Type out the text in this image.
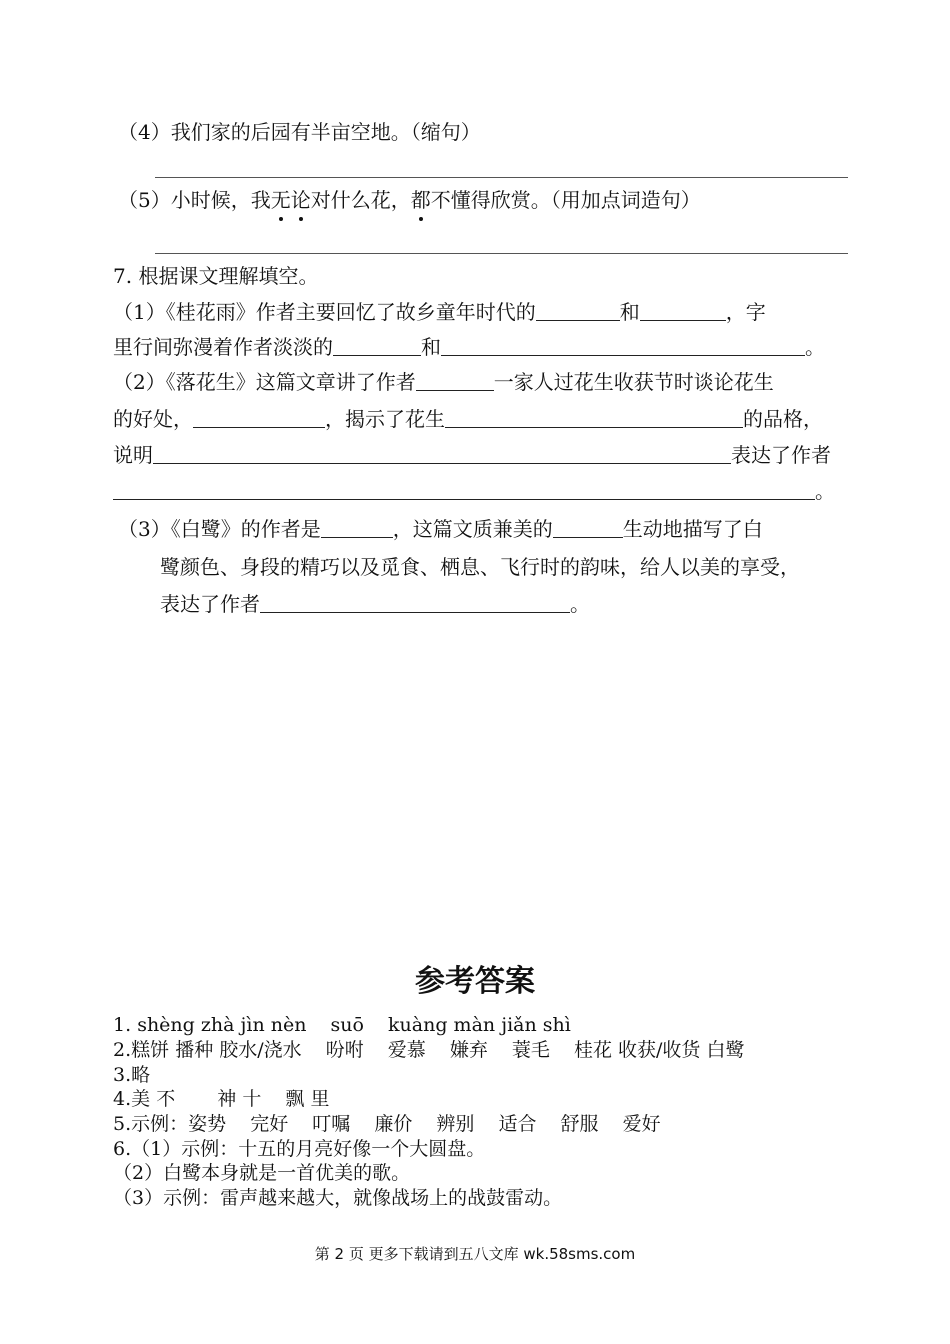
（4）我们家的后园有半亩空地。（缩句）
（5）小时候，我无论对什么花，都不懂得欣赏。（用加点词造句）
7. 根据课文理解填空。
（1）《桂花雨》作者主要回忆了故乡童年时代的	和	，字
里行间弥漫着作者淡淡的	和	。
（2）《落花生》这篇文章讲了作者	一家人过花生收获节时谈论花生
的好处，	，揭示了花生	的品格，
说明	表达了作者
。
（3）《白鹭》的作者是	，这篇文质兼美的	生动地描写了白
鹭颜色、身段的精巧以及觅食、栖息、飞行时的韵味，给人以美的享受，
表达了作者	。
参考答案
1. shèng zhà jìn nèn suō kuàng màn jiǎn shì
2.糕饼 播种 胶水/浇水 吩咐 爱慕 嫌弃 蓑毛 桂花 收获/收货 白鹭
3.略
4.美 不 神 十 飘 里
5.示例：姿势 完好 叮嘱 廉价 辨别 适合 舒服 爱好
6.（1）示例：十五的月亮好像一个大圆盘。
（2）白鹭本身就是一首优美的歌。
（3）示例：雷声越来越大，就像战场上的战鼓雷动。
第 2 页 更多下载请到五八文库 wk.58sms.com
